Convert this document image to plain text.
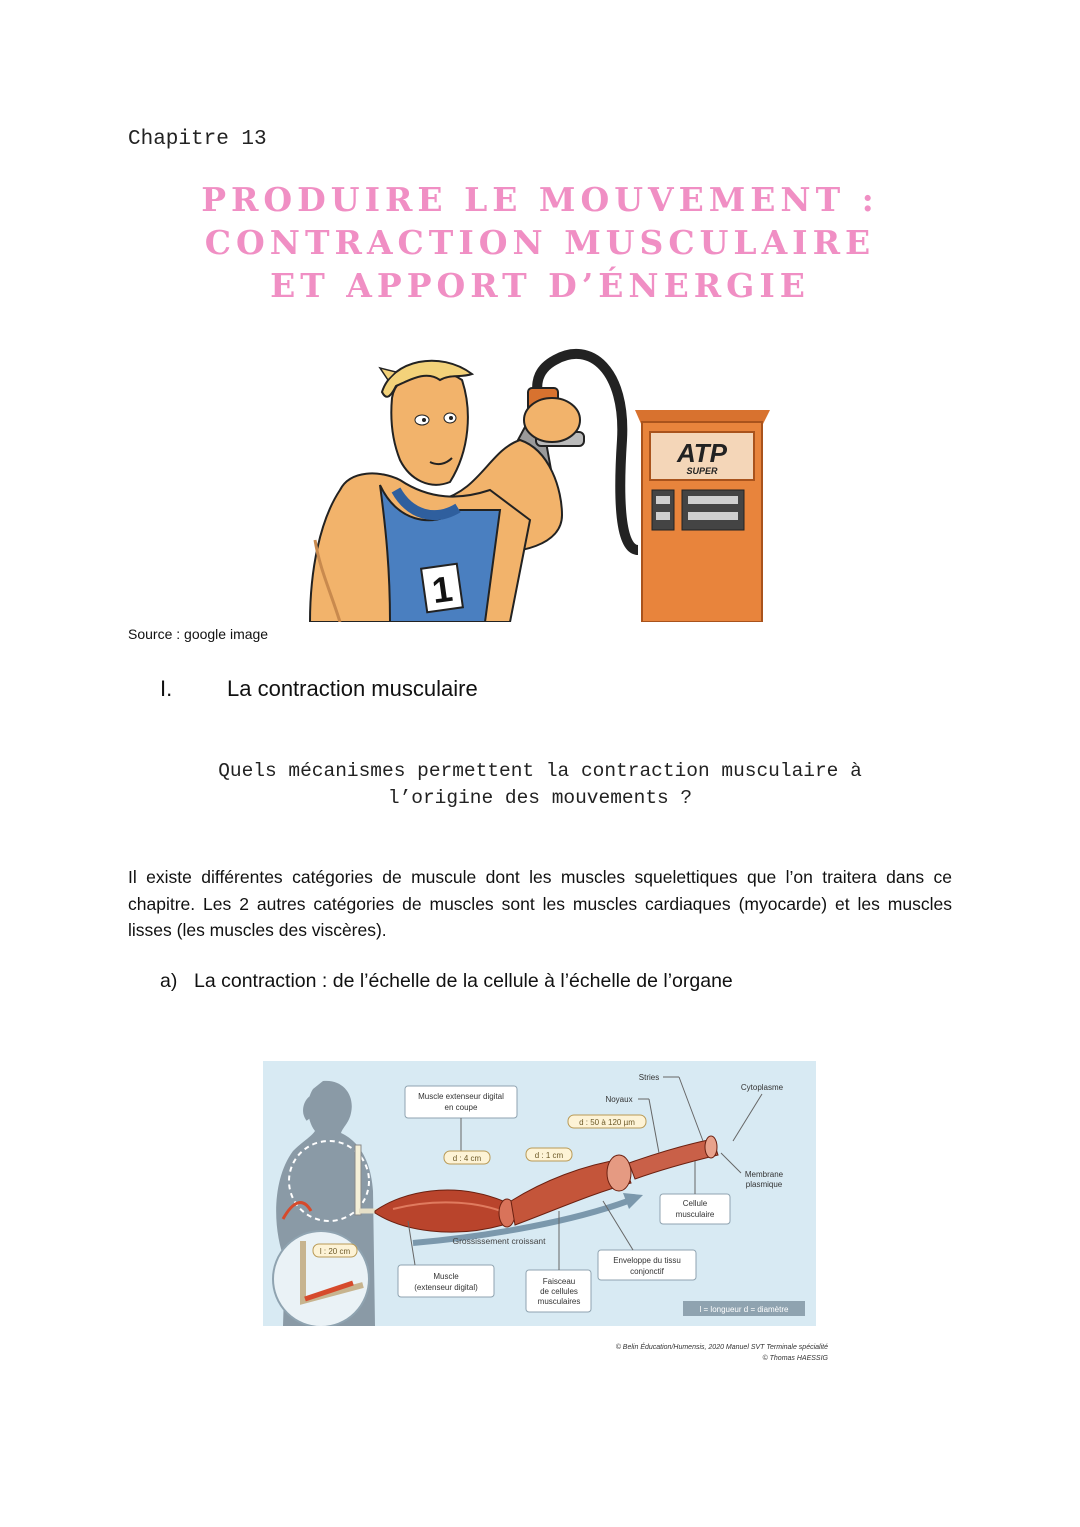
Chapitre 13
PRODUIRE LE MOUVEMENT :
CONTRACTION MUSCULAIRE
ET APPORT D’ÉNERGIE
ATP
SUPER
1
Source : google image
I. La contraction musculaire
Quels mécanismes permettent la contraction musculaire à
l’origine des mouvements ?
Il existe différentes catégories de muscule dont les muscles squelettiques que l’on traitera dans ce chapitre. Les 2 autres catégories de muscles sont les muscles cardiaques (myocarde) et les muscles lisses (les muscles des viscères).
a) La contraction : de l’échelle de la cellule à l’échelle de l’organe
l : 20 cm
Grossissement croissant
Muscle extenseur digital
en coupe
d : 4 cm	d : 1 cm
d : 50 à 120 µm
Stries
Noyaux
Cytoplasme
Membrane
plasmique
Cellule
musculaire
Enveloppe du tissu
conjonctif
Muscle
(extenseur digital)
Faisceau
de cellules
musculaires
l = longueur d = diamètre
© Belin Éducation/Humensis, 2020 Manuel SVT Terminale spécialité
© Thomas HAESSIG
